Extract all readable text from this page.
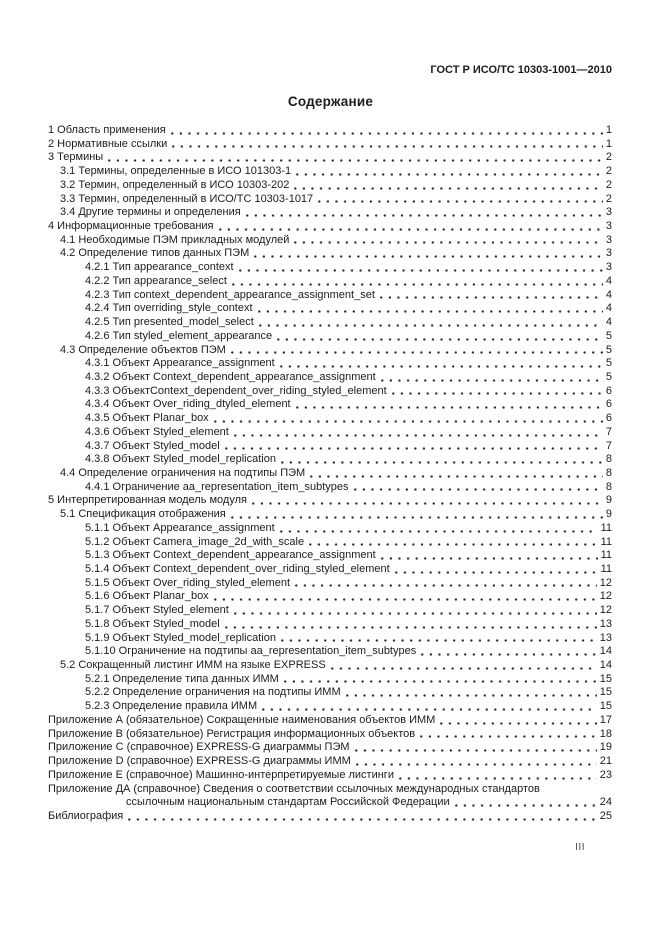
ГОСТ Р ИСО/ТС 10303-1001—2010
Содержание
1 Область применения	1
2 Нормативные ссылки	1
3 Термины	2
3.1 Термины, определенные в ИСО 101303-1	2
3.2 Термин, определенный в ИСО 10303-202	2
3.3 Термин, определенный в ИСО/ТС 10303-1017	2
3.4 Другие термины и определения	3
4 Информационные требования	3
4.1 Необходимые ПЭМ прикладных модулей	3
4.2 Определение типов данных ПЭМ	3
4.2.1 Тип appearance_context	3
4.2.2 Тип appearance_select	4
4.2.3 Тип context_dependent_appearance_assignment_set	4
4.2.4 Тип overriding_style_context	4
4.2.5 Тип presented_model_select	4
4.2.6 Тип styled_element_appearance	5
4.3 Определение объектов ПЭМ	5
4.3.1 Объект Appearance_assignment	5
4.3.2 Объект Context_dependent_appearance_assignment	5
4.3.3 ОбъектContext_dependent_over_riding_styled_element	6
4.3.4 Объект Over_riding_dtyled_element	6
4.3.5 Объект Planar_box	6
4.3.6 Объект Styled_element	7
4.3.7 Объект Styled_model	7
4.3.8 Объект Styled_model_replication	8
4.4 Определение ограничения на подтипы ПЭМ	8
4.4.1 Ограничение aa_representation_item_subtypes	8
5 Интерпретированная модель модуля	9
5.1 Спецификация отображения	9
5.1.1 Объект Appearance_assignment	11
5.1.2 Объект Camera_image_2d_with_scale	11
5.1.3 Объект Context_dependent_appearance_assignment	11
5.1.4 Объект Context_dependent_over_riding_styled_element	11
5.1.5 Объект Over_riding_styled_element	12
5.1.6 Объект Planar_box	12
5.1.7 Объект Styled_element	12
5.1.8 Объект Styled_model	13
5.1.9 Объект Styled_model_replication	13
5.1.10 Ограничение на подтипы aa_representation_item_subtypes	14
5.2 Сокращенный листинг ИММ на языке EXPRESS	14
5.2.1 Определение типа данных ИММ	15
5.2.2 Определение ограничения на подтипы ИММ	15
5.2.3 Определение правила ИММ	15
Приложение А (обязательное) Сокращенные наименования объектов ИММ	17
Приложение В (обязательное) Регистрация информационных объектов	18
Приложение С (справочное) EXPRESS-G диаграммы ПЭМ	19
Приложение D (справочное) EXPRESS-G диаграммы ИММ	21
Приложение Е (справочное) Машинно-интерпретируемые листинги	23
Приложение ДА (справочное) Сведения о соответствии ссылочных международных стандартов
ссылочным национальным стандартам Российской Федерации	24
Библиография	25
III
